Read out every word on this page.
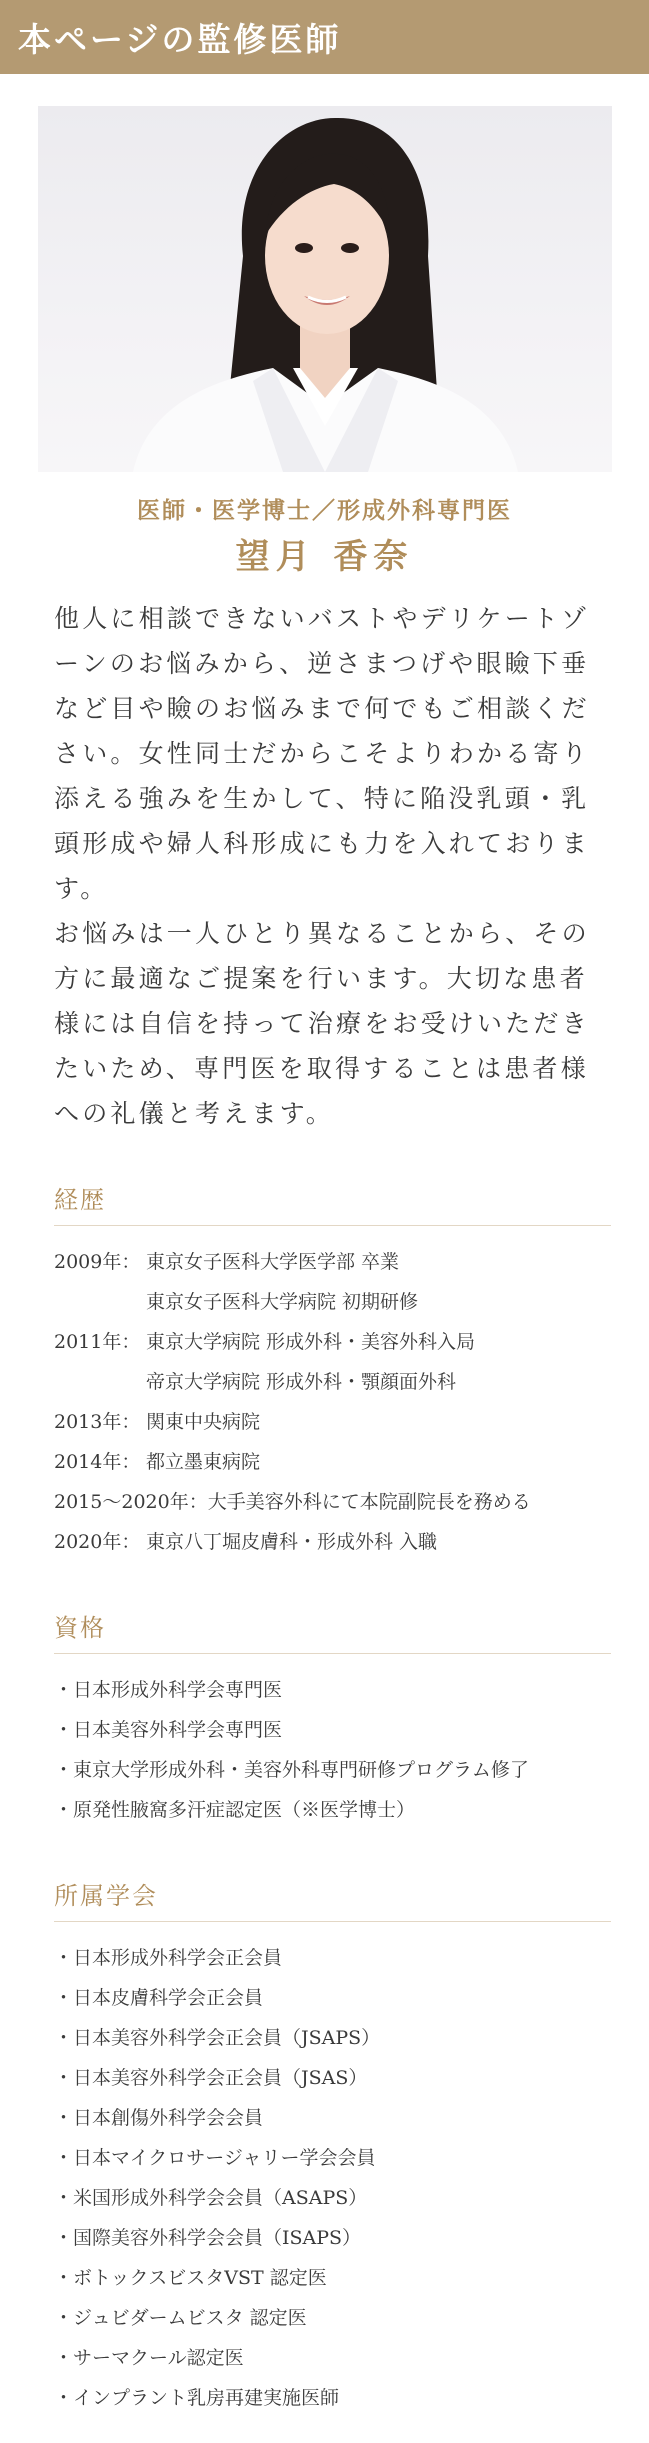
本ページの監修医師
医師・医学博士／形成外科専門医
望月 香奈

他人に相談できないバストやデリケートゾーンのお悩みから、逆さまつげや眼瞼下垂など目や瞼のお悩みまで何でもご相談ください。女性同士だからこそよりわかる寄り添える強みを生かして、特に陥没乳頭・乳頭形成や婦人科形成にも力を入れております。

お悩みは一人ひとり異なることから、その方に最適なご提案を行います。大切な患者様には自信を持って治療をお受けいただきたいため、専門医を取得することは患者様への礼儀と考えます。

経歴
2009年： 東京女子医科大学医学部 卒業
東京女子医科大学病院 初期研修
2011年： 東京大学病院 形成外科・美容外科入局
帝京大学病院 形成外科・顎顔面外科
2013年： 関東中央病院
2014年： 都立墨東病院
2015～2020年： 大手美容外科にて本院副院長を務める
2020年： 東京八丁堀皮膚科・形成外科 入職
資格
・ 日本形成外科学会専門医
・ 日本美容外科学会専門医
・ 東京大学形成外科・美容外科専門研修プログラム修了
・ 原発性腋窩多汗症認定医（※医学博士）
所属学会
・ 日本形成外科学会正会員
・ 日本皮膚科学会正会員
・ 日本美容外科学会正会員（JSAPS）
・ 日本美容外科学会正会員（JSAS）
・ 日本創傷外科学会会員
・ 日本マイクロサージャリー学会会員
・ 米国形成外科学会会員（ASAPS）
・ 国際美容外科学会会員（ISAPS）
・ ボトックスビスタVST 認定医
・ ジュビダームビスタ 認定医
・ サーマクール認定医
・ インプラント乳房再建実施医師
